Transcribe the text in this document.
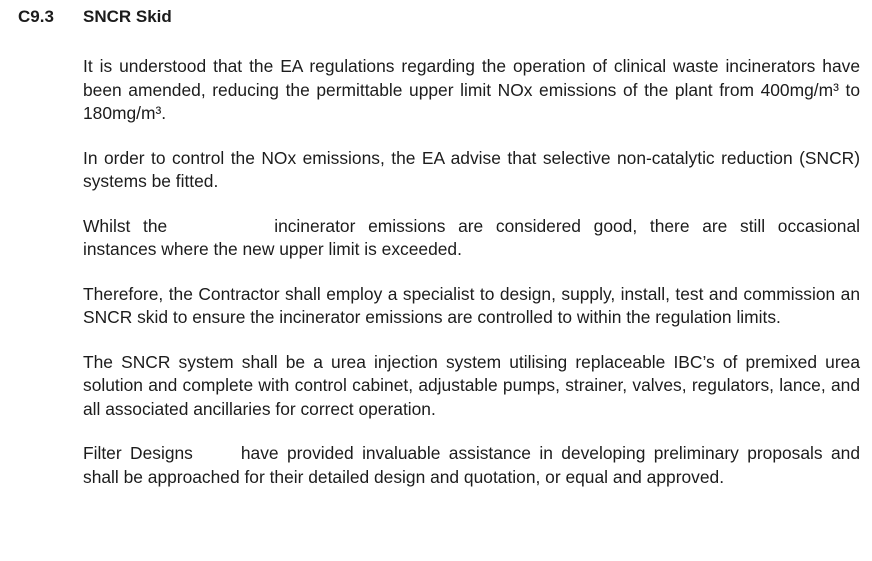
C9.3	SNCR Skid

It is understood that the EA regulations regarding the operation of clinical waste incinerators have been amended, reducing the permittable upper limit NOx emissions of the plant from 400mg/m³ to 180mg/m³.

In order to control the NOx emissions, the EA advise that selective non-catalytic reduction (SNCR) systems be fitted.

Whilst the	incinerator emissions are considered good, there are still occasional instances where the new upper limit is exceeded.

Therefore, the Contractor shall employ a specialist to design, supply, install, test and commission an SNCR skid to ensure the incinerator emissions are controlled to within the regulation limits.

The SNCR system shall be a urea injection system utilising replaceable IBC’s of premixed urea solution and complete with control cabinet, adjustable pumps, strainer, valves, regulators, lance, and all associated ancillaries for correct operation.

Filter Designs	have provided invaluable assistance in developing preliminary proposals and shall be approached for their detailed design and quotation, or equal and approved.
